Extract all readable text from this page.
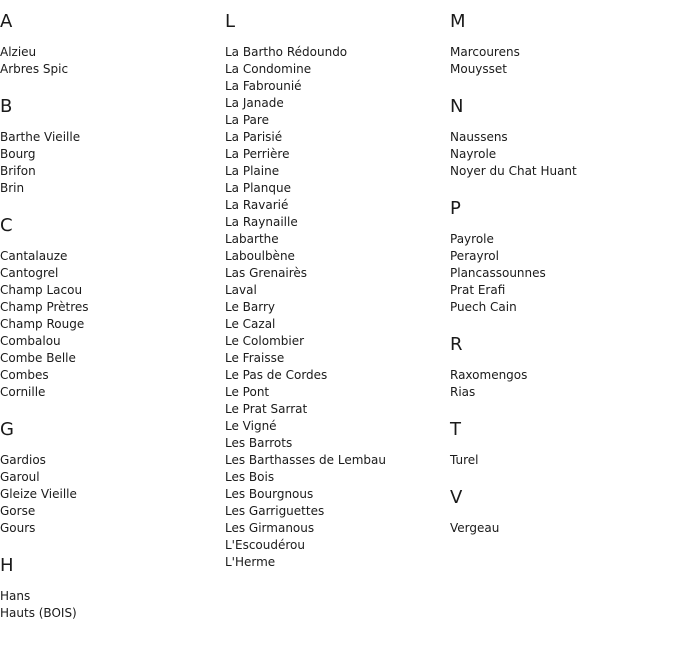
A
Alzieu
Arbres Spic
B
Barthe Vieille
Bourg
Brifon
Brin
C
Cantalauze
Cantogrel
Champ Lacou
Champ Prètres
Champ Rouge
Combalou
Combe Belle
Combes
Cornille
G
Gardios
Garoul
Gleize Vieille
Gorse
Gours
H
Hans
Hauts (BOIS)
L
La Bartho Rédoundo
La Condomine
La Fabrounié
La Janade
La Pare
La Parisié
La Perrière
La Plaine
La Planque
La Ravarié
La Raynaille
Labarthe
Laboulbène
Las Grenairès
Laval
Le Barry
Le Cazal
Le Colombier
Le Fraisse
Le Pas de Cordes
Le Pont
Le Prat Sarrat
Le Vigné
Les Barrots
Les Barthasses de Lembau
Les Bois
Les Bourgnous
Les Garriguettes
Les Girmanous
L'Escoudérou
L'Herme
M
Marcourens
Mouysset
N
Naussens
Nayrole
Noyer du Chat Huant
P
Payrole
Perayrol
Plancassounnes
Prat Erafi
Puech Cain
R
Raxomengos
Rias
T
Turel
V
Vergeau
